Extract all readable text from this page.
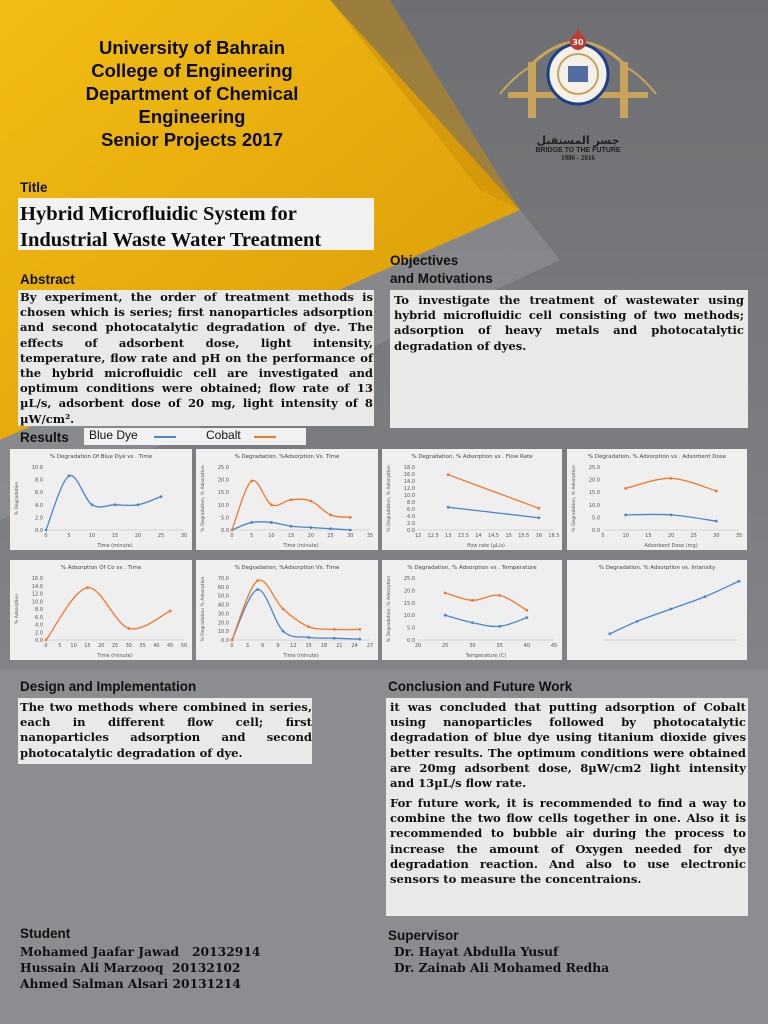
University of Bahrain
College of Engineering
Department of Chemical
Engineering
Senior Projects 2017
30
جسر المستقبل
BRIDGE TO THE FUTURE
1986 - 2016
Title
Hybrid Microfluidic System for Industrial Waste Water Treatment
Abstract
By experiment, the order of treatment methods is chosen which is series; first nanoparticles adsorption and second photocatalytic degradation of dye. The effects of adsorbent dose, light intensity, temperature, flow rate and pH on the performance of the hybrid microfluidic cell are investigated and optimum conditions were obtained; flow rate of 13 µL/s, adsorbent dose of 20 mg, light intensity of 8 µW/cm².
Objectives
and Motivations
To investigate the treatment of wastewater using hybrid microfluidic cell consisting of two methods; adsorption of heavy metals and photocatalytic degradation of dyes.
Results Blue Dye	Cobalt
% Degradation Of Blue Dye vs . Time
% Degradation
Time (minute)
0.0
2.0
4.0
6.0
8.0
10.0
0	5	10	15	20	25	30
% Degradation, %Adsorption Vs. Time
% Degradation, % Adsorption
Time (minute)
0.0
5.0
10.0
15.0
20.0
25.0
0	5	10	15	20	25	30	35
% Degradation, % Adsorption vs . Flow Rate
% Degradation, % Adsorption
flow rate (µL/s)
0.0
2.0
4.0
6.0
8.0
10.0
12.0
14.0
16.0
18.0
12 12.5 13 13.5 14 14.5 15 15.5 16 16.5
% Degradation, % Adsorption vs . Adsorbent Dose
% Degradation, % Adsorption
Adsorbent Dose (mg)
0.0
5.0
10.0
15.0
20.0
25.0
5	10	15	20	25	30	35
% Adsorption Of Co vs . Time
% Adsorption
Time (minute)
0.0
2.0
4.0
6.0
8.0
10.0
12.0
14.0
16.0
0 5 10 15 20 25 30 35 40 45 50
% Degradation, %Adsorption Vs. Time
% Degradation % Adsorption
Time (minute)
0.0
10.0
20.0
30.0
40.0
50.0
60.0
70.0
0 3 6 9 12 15 18 21 24 27
% Degradation, % Adsorption vs . Temperature
% Degradation, % Adsorption
Temperature (C)
0.0
5.0
10.0
15.0
20.0
25.0
20	25	30	35	40	45
% Degradation, % Adsorption vs. Intensity
Design and Implementation
The two methods where combined in series, each in different flow cell; first nanoparticles adsorption and second photocatalytic degradation of dye.
Conclusion and Future Work
it was concluded that putting adsorption of Cobalt using nanoparticles followed by photocatalytic degradation of blue dye using titanium dioxide gives better results. The optimum conditions were obtained are 20mg adsorbent dose, 8µW/cm2 light intensity and 13µL/s flow rate.
For future work, it is recommended to find a way to combine the two flow cells together in one. Also it is recommended to bubble air during the process to increase the amount of Oxygen needed for dye degradation reaction. And also to use electronic sensors to measure the concentraions.
Student
Mohamed Jaafar Jawad   20132914
Hussain Ali Marzooq  20132102
Ahmed Salman Alsari 20131214
Supervisor
Dr. Hayat Abdulla Yusuf
Dr. Zainab Ali Mohamed Redha
